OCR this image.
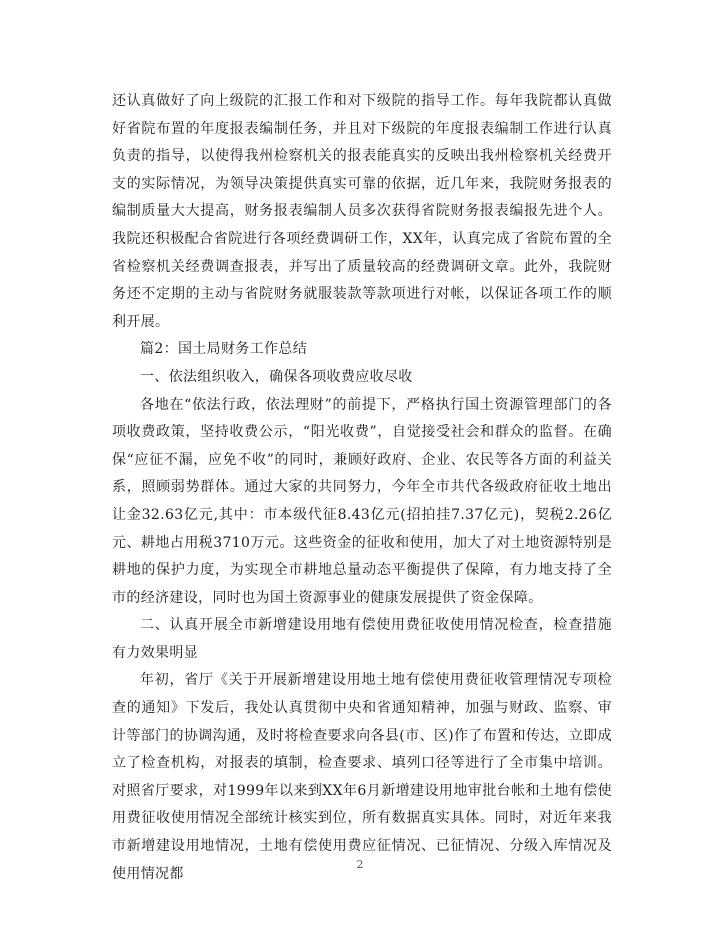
还认真做好了向上级院的汇报工作和对下级院的指导工作。每年我院都认真做好省院布置的年度报表编制任务，并且对下级院的年度报表编制工作进行认真负责的指导，以使得我州检察机关的报表能真实的反映出我州检察机关经费开支的实际情况，为领导决策提供真实可靠的依据，近几年来，我院财务报表的编制质量大大提高，财务报表编制人员多次获得省院财务报表编报先进个人。我院还积极配合省院进行各项经费调研工作，XX年，认真完成了省院布置的全省检察机关经费调查报表，并写出了质量较高的经费调研文章。此外，我院财务还不定期的主动与省院财务就服装款等款项进行对帐，以保证各项工作的顺利开展。

篇2：国土局财务工作总结

一、依法组织收入，确保各项收费应收尽收

各地在“依法行政，依法理财”的前提下，严格执行国土资源管理部门的各项收费政策，坚持收费公示，“阳光收费”，自觉接受社会和群众的监督。在确保“应征不漏，应免不收”的同时，兼顾好政府、企业、农民等各方面的利益关系，照顾弱势群体。通过大家的共同努力，今年全市共代各级政府征收土地出让金32.63亿元,其中：市本级代征8.43亿元(招拍挂7.37亿元)，契税2.26亿元、耕地占用税3710万元。这些资金的征收和使用，加大了对土地资源特别是耕地的保护力度，为实现全市耕地总量动态平衡提供了保障，有力地支持了全市的经济建设，同时也为国土资源事业的健康发展提供了资金保障。

二、认真开展全市新增建设用地有偿使用费征收使用情况检查，检查措施有力效果明显

年初，省厅《关于开展新增建设用地土地有偿使用费征收管理情况专项检查的通知》下发后，我处认真贯彻中央和省通知精神，加强与财政、监察、审计等部门的协调沟通，及时将检查要求向各县(市、区)作了布置和传达，立即成立了检查机构，对报表的填制，检查要求、填列口径等进行了全市集中培训。对照省厅要求，对1999年以来到XX年6月新增建设用地审批台帐和土地有偿使用费征收使用情况全部统计核实到位，所有数据真实具体。同时，对近年来我市新增建设用地情况，土地有偿使用费应征情况、已征情况、分级入库情况及使用情况都

2
